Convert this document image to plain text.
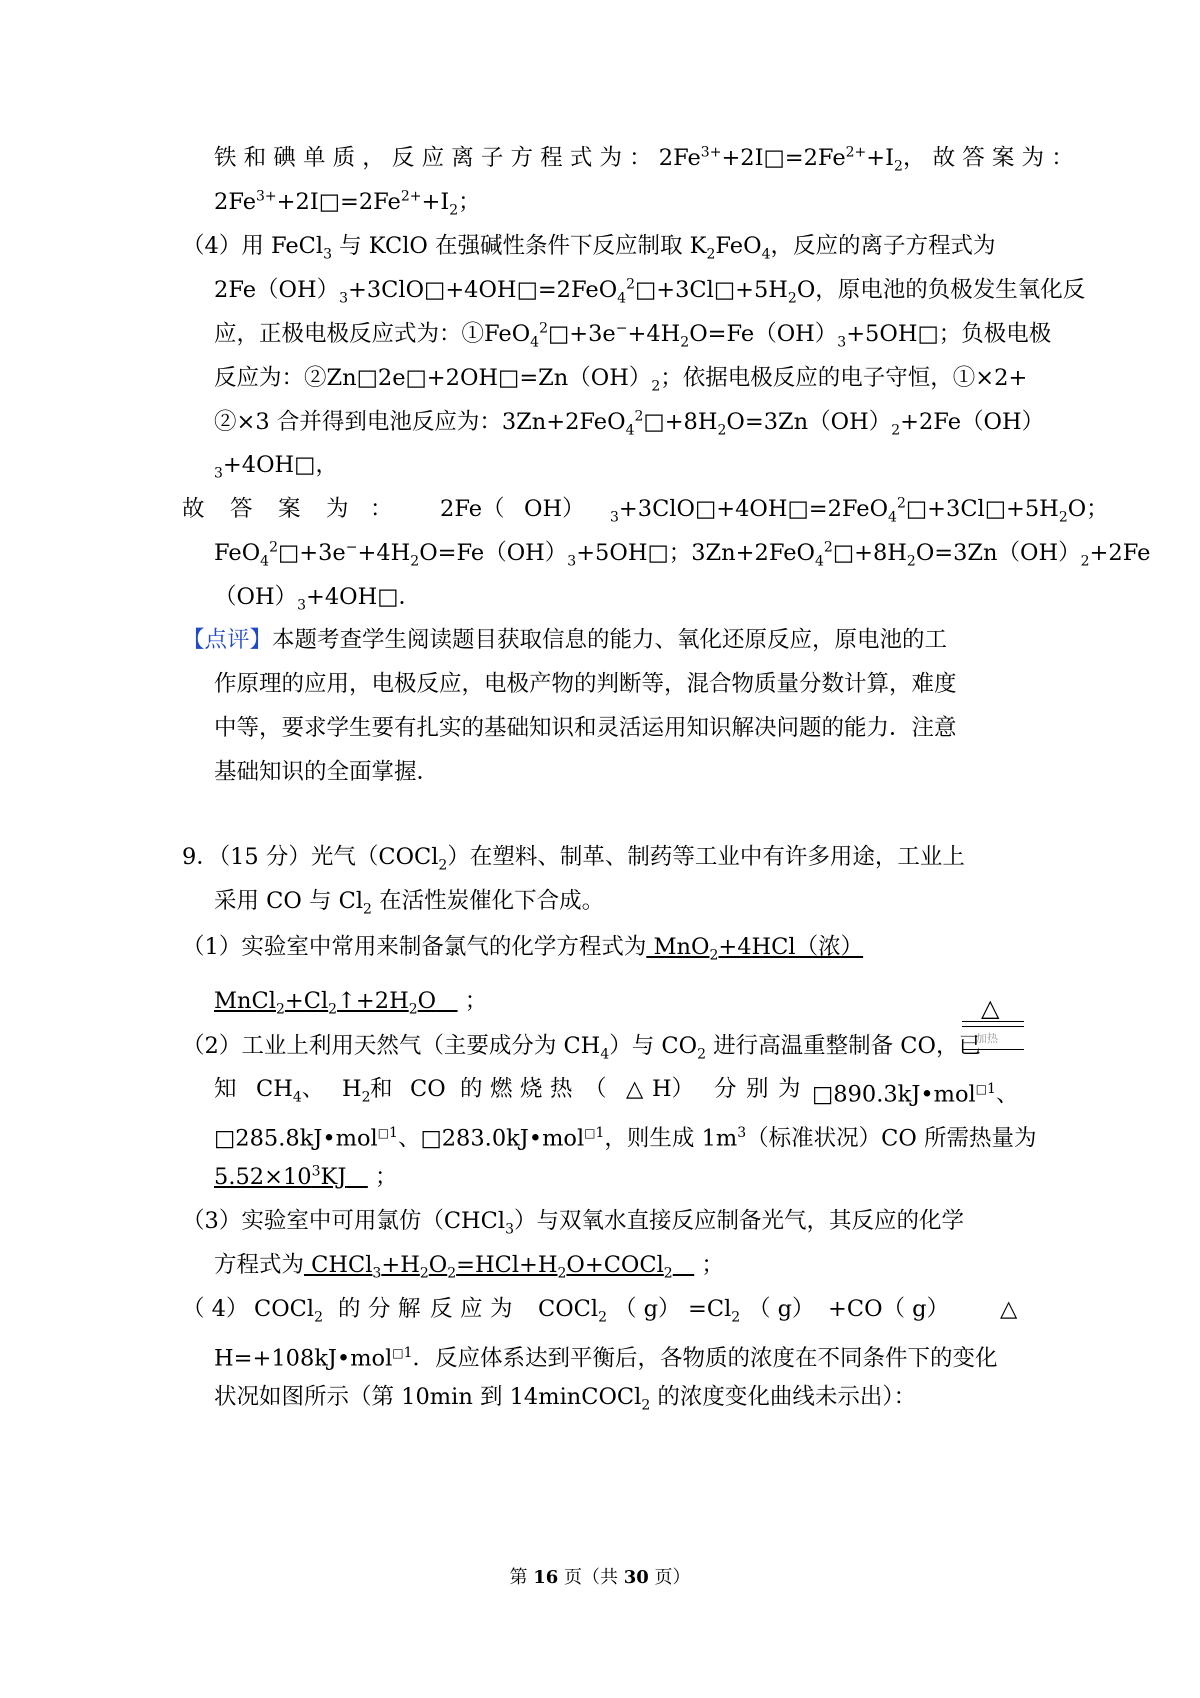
铁 和 碘 单 质 ， 反 应 离 子 方 程 式 为 ： $2Fe^{3+}+2I□=2Fe^{2+}+I_2$， 故 答 案 为 ：
$2Fe^{3+}+2I□=2Fe^{2+}+I_2$；
（4）用 FeCl$_3$ 与 KClO 在强碱性条件下反应制取 $K_2FeO_4$，反应的离子方程式为
$2Fe(OH)_3+3ClO□+4OH□=2FeO_4^2□+3Cl□+5H_2O$，原电池的负极发生氧化反
应，正极电极反应式为：$①FeO_4^2□+3e^-+4H_2O=Fe(OH)_3+5OH□$；负极电极
反应为：$②Zn□2e□+2OH□=Zn(OH)_2$；依据电极反应的电子守恒，①×2+
②×3 合并得到电池反应为：$3Zn+2FeO_4^2□+8H_2O=3Zn(OH)_2+2Fe(OH)$
$_3$+4OH□，
故 答 案 为 ： 2Fe（ OH） $_3+3ClO□+4OH□=2FeO_4^2□+3Cl□+5H_2O$；
$FeO_4^2□+3e^-+4H_2O=Fe(OH)_3+5OH□$；$3Zn+2FeO_4^2□+8H_2O=3Zn(OH)_2+2Fe$
$(OH)_3+4OH□$．
【点评】本题考查学生阅读题目获取信息的能力、氧化还原反应，原电池的工
作原理的应用，电极反应，电极产物的判断等，混合物质量分数计算，难度
中等，要求学生要有扎实的基础知识和灵活运用知识解决问题的能力．注意
基础知识的全面掌握．
9．（15 分）光气（COCl$_2$）在塑料、制革、制药等工业中有许多用途，工业上
采用 CO 与 $Cl_2$ 在活性炭催化下合成。
（1）实验室中常用来制备氯气的化学方程式为 MnO$_2$+4HCl（浓）
△
加热
$MnCl_2+Cl_2↑+2H_2O$    ；
（2）工业上利用天然气（主要成分为 $CH_4$）与 $CO_2$ 进行高温重整制备 CO，已
知 $CH_4$、 $H_2$ 和 CO 的 燃 烧 热 （ △ H） 分 别 为 □890.3kJ•mol$^{□1}$、
□285.8kJ•mol$^{□1}$、□283.0kJ•mol$^{□1}$，则生成 $1m^3$（标准状况）CO 所需热量为
$5.52\times 10^3KJ$    ；
（3）实验室中可用氯仿（CHCl$_3$）与双氧水直接反应制备光气，其反应的化学
方程式为 $CHCl_3+H_2O_2=HCl+H_2O+COCl_2$    ；
（ 4） COCl$_2$ 的 分 解 反 应 为 COCl$_2$ （ $g) =Cl_2$ （ g） +CO（ g） △
H=+108kJ•mol$^{□1}$．反应体系达到平衡后，各物质的浓度在不同条件下的变化
状况如图所示（第 10min 到 14minCOCl$_2$ 的浓度变化曲线未示出）：
第 16 页（共 30 页）
